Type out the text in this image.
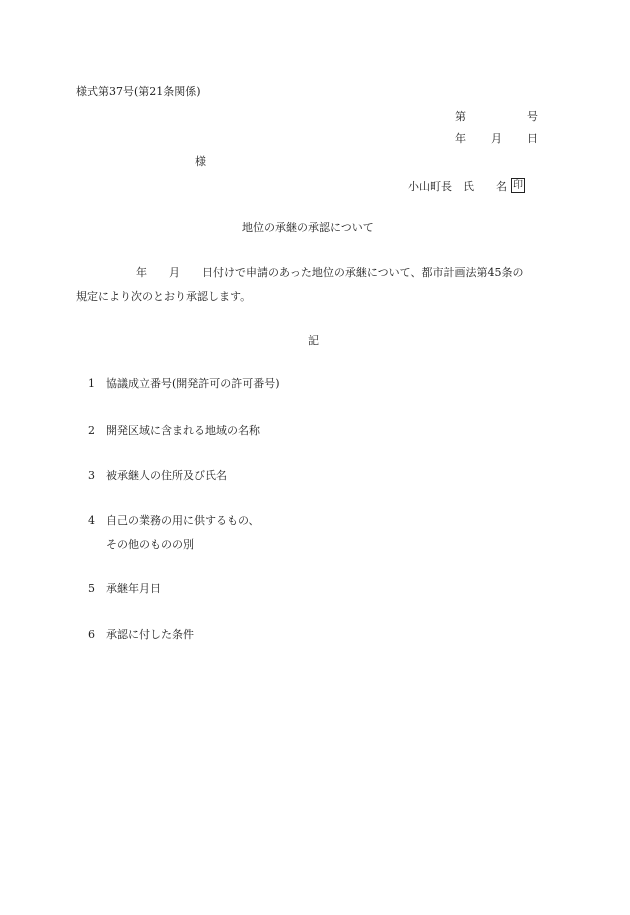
様式第37号(第21条関係)
第	号
年 月 日
様
小山町長 氏 名 印
地位の承継の承認について
年 月 日付けで申請のあった地位の承継について、都市計画法第45条の
規定により次のとおり承認します。
記
1 協議成立番号(開発許可の許可番号)
2 開発区域に含まれる地域の名称
3 被承継人の住所及び氏名
4 自己の業務の用に供するもの、
その他のものの別
5 承継年月日
6 承認に付した条件
